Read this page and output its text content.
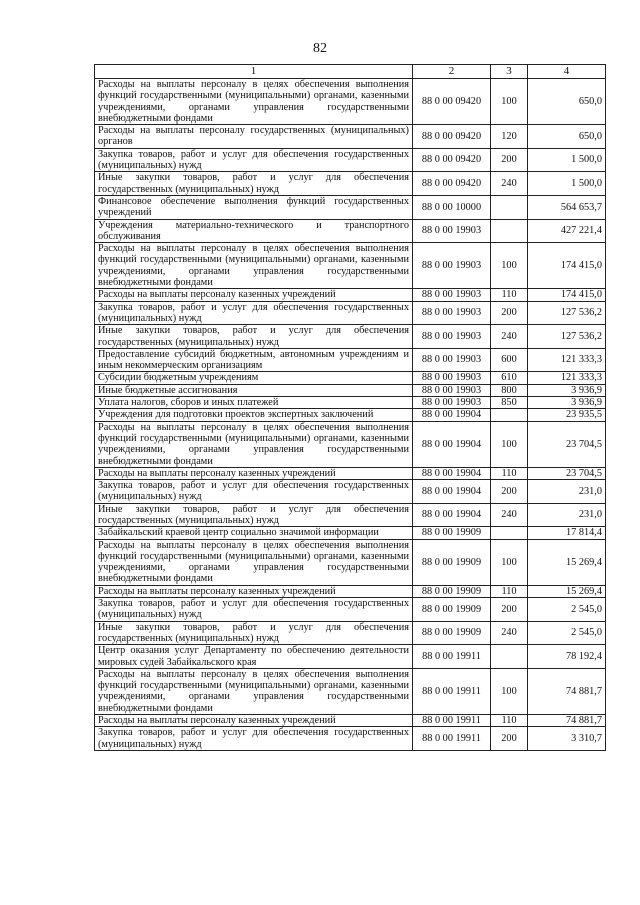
82
1	2	3	4
Расходы на выплаты персоналу в целях обеспечения выполнения функций государственными (муниципальными) органами, казенными учреждениями, органами управления государственными внебюджетными фондами	88 0 00 09420	100	650,0
Расходы на выплаты персоналу государственных (муниципальных) органов	88 0 00 09420	120	650,0
Закупка товаров, работ и услуг для обеспечения государственных (муниципальных) нужд	88 0 00 09420	200	1 500,0
Иные закупки товаров, работ и услуг для обеспечения государственных (муниципальных) нужд	88 0 00 09420	240	1 500,0
Финансовое обеспечение выполнения функций государственных учреждений	88 0 00 10000		564 653,7
Учреждения материально-технического и транспортного обслуживания	88 0 00 19903		427 221,4
Расходы на выплаты персоналу в целях обеспечения выполнения функций государственными (муниципальными) органами, казенными учреждениями, органами управления государственными внебюджетными фондами	88 0 00 19903	100	174 415,0
Расходы на выплаты персоналу казенных учреждений	88 0 00 19903	110	174 415,0
Закупка товаров, работ и услуг для обеспечения государственных (муниципальных) нужд	88 0 00 19903	200	127 536,2
Иные закупки товаров, работ и услуг для обеспечения государственных (муниципальных) нужд	88 0 00 19903	240	127 536,2
Предоставление субсидий бюджетным, автономным учреждениям и иным некоммерческим организациям	88 0 00 19903	600	121 333,3
Субсидии бюджетным учреждениям	88 0 00 19903	610	121 333,3
Иные бюджетные ассигнования	88 0 00 19903	800	3 936,9
Уплата налогов, сборов и иных платежей	88 0 00 19903	850	3 936,9
Учреждения для подготовки проектов экспертных заключений	88 0 00 19904		23 935,5
Расходы на выплаты персоналу в целях обеспечения выполнения функций государственными (муниципальными) органами, казенными учреждениями, органами управления государственными внебюджетными фондами	88 0 00 19904	100	23 704,5
Расходы на выплаты персоналу казенных учреждений	88 0 00 19904	110	23 704,5
Закупка товаров, работ и услуг для обеспечения государственных (муниципальных) нужд	88 0 00 19904	200	231,0
Иные закупки товаров, работ и услуг для обеспечения государственных (муниципальных) нужд	88 0 00 19904	240	231,0
Забайкальский краевой центр социально значимой информации	88 0 00 19909		17 814,4
Расходы на выплаты персоналу в целях обеспечения выполнения функций государственными (муниципальными) органами, казенными учреждениями, органами управления государственными внебюджетными фондами	88 0 00 19909	100	15 269,4
Расходы на выплаты персоналу казенных учреждений	88 0 00 19909	110	15 269,4
Закупка товаров, работ и услуг для обеспечения государственных (муниципальных) нужд	88 0 00 19909	200	2 545,0
Иные закупки товаров, работ и услуг для обеспечения государственных (муниципальных) нужд	88 0 00 19909	240	2 545,0
Центр оказания услуг Департаменту по обеспечению деятельности мировых судей Забайкальского края	88 0 00 19911		78 192,4
Расходы на выплаты персоналу в целях обеспечения выполнения функций государственными (муниципальными) органами, казенными учреждениями, органами управления государственными внебюджетными фондами	88 0 00 19911	100	74 881,7
Расходы на выплаты персоналу казенных учреждений	88 0 00 19911	110	74 881,7
Закупка товаров, работ и услуг для обеспечения государственных (муниципальных) нужд	88 0 00 19911	200	3 310,7
